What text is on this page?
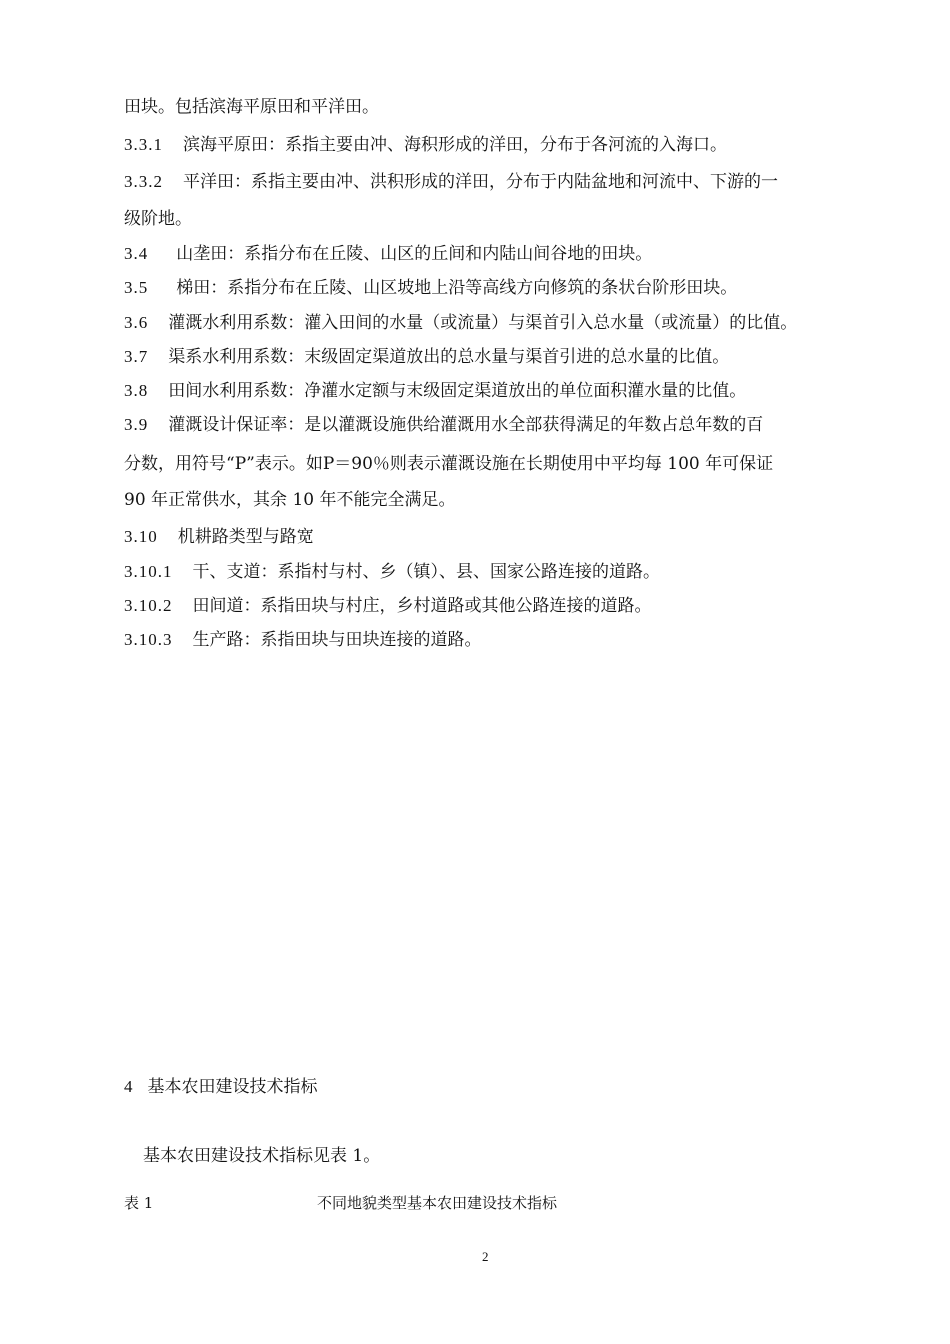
田块。包括滨海平原田和平洋田。
3.3.1 滨海平原田：系指主要由冲、海积形成的洋田，分布于各河流的入海口。
3.3.2 平洋田：系指主要由冲、洪积形成的洋田，分布于内陆盆地和河流中、下游的一
级阶地。
3.4 山垄田：系指分布在丘陵、山区的丘间和内陆山间谷地的田块。
3.5 梯田：系指分布在丘陵、山区坡地上沿等高线方向修筑的条状台阶形田块。
3.6 灌溉水利用系数：灌入田间的水量（或流量）与渠首引入总水量（或流量）的比值。
3.7 渠系水利用系数：末级固定渠道放出的总水量与渠首引进的总水量的比值。
3.8 田间水利用系数：净灌水定额与末级固定渠道放出的单位面积灌水量的比值。
3.9 灌溉设计保证率：是以灌溉设施供给灌溉用水全部获得满足的年数占总年数的百
分数，用符号“P”表示。如P＝90％则表示灌溉设施在长期使用中平均每 100 年可保证
90 年正常供水，其余 10 年不能完全满足。
3.10 机耕路类型与路宽
3.10.1 干、支道：系指村与村、乡（镇）、县、国家公路连接的道路。
3.10.2 田间道：系指田块与村庄，乡村道路或其他公路连接的道路。
3.10.3 生产路：系指田块与田块连接的道路。
4 基本农田建设技术指标
基本农田建设技术指标见表 1。
表 1	不同地貌类型基本农田建设技术指标
2
